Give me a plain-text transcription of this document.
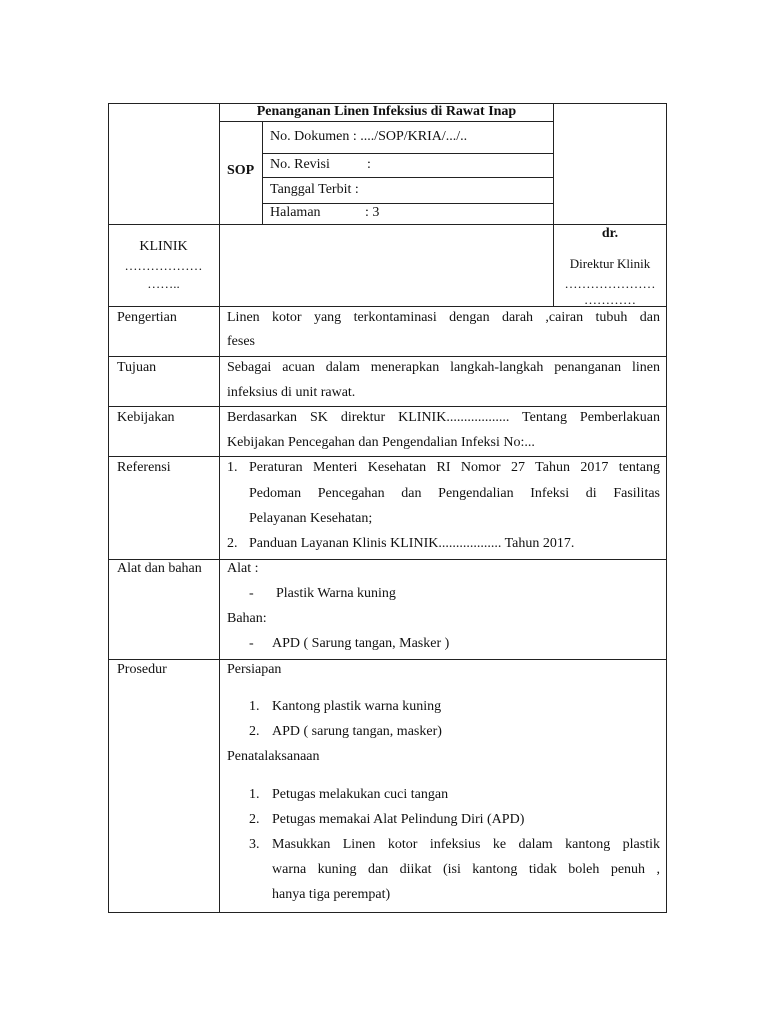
Penanganan Linen Infeksius di Rawat Inap
SOP
No. Dokumen : ..../SOP/KRIA/.../..
No. Revisi	:
Tanggal Terbit :
Halaman	: 3
KLINIK
………………
……..
dr.
Direktur Klinik
…………………
…………
Pengertian	Linen kotor yang terkontaminasi dengan darah ,cairan tubuh dan
feses
Tujuan	Sebagai acuan dalam menerapkan langkah-langkah penanganan linen
infeksius di unit rawat.
Kebijakan	Berdasarkan SK direktur KLINIK.................. Tentang Pemberlakuan
Kebijakan Pencegahan dan Pengendalian Infeksi No:...
Referensi	1. Peraturan Menteri Kesehatan RI Nomor 27 Tahun 2017 tentang
Pedoman Pencegahan dan Pengendalian Infeksi di Fasilitas
Pelayanan Kesehatan;
2. Panduan Layanan Klinis KLINIK.................. Tahun 2017.
Alat dan bahan Alat :
- Plastik Warna kuning
Bahan:
- APD ( Sarung tangan, Masker )
Prosedur	Persiapan
1. Kantong plastik warna kuning
2. APD ( sarung tangan, masker)
Penatalaksanaan
1. Petugas melakukan cuci tangan
2. Petugas memakai Alat Pelindung Diri (APD)
3. Masukkan Linen kotor infeksius ke dalam kantong plastik
warna kuning dan diikat (isi kantong tidak boleh penuh ,
hanya tiga perempat)
